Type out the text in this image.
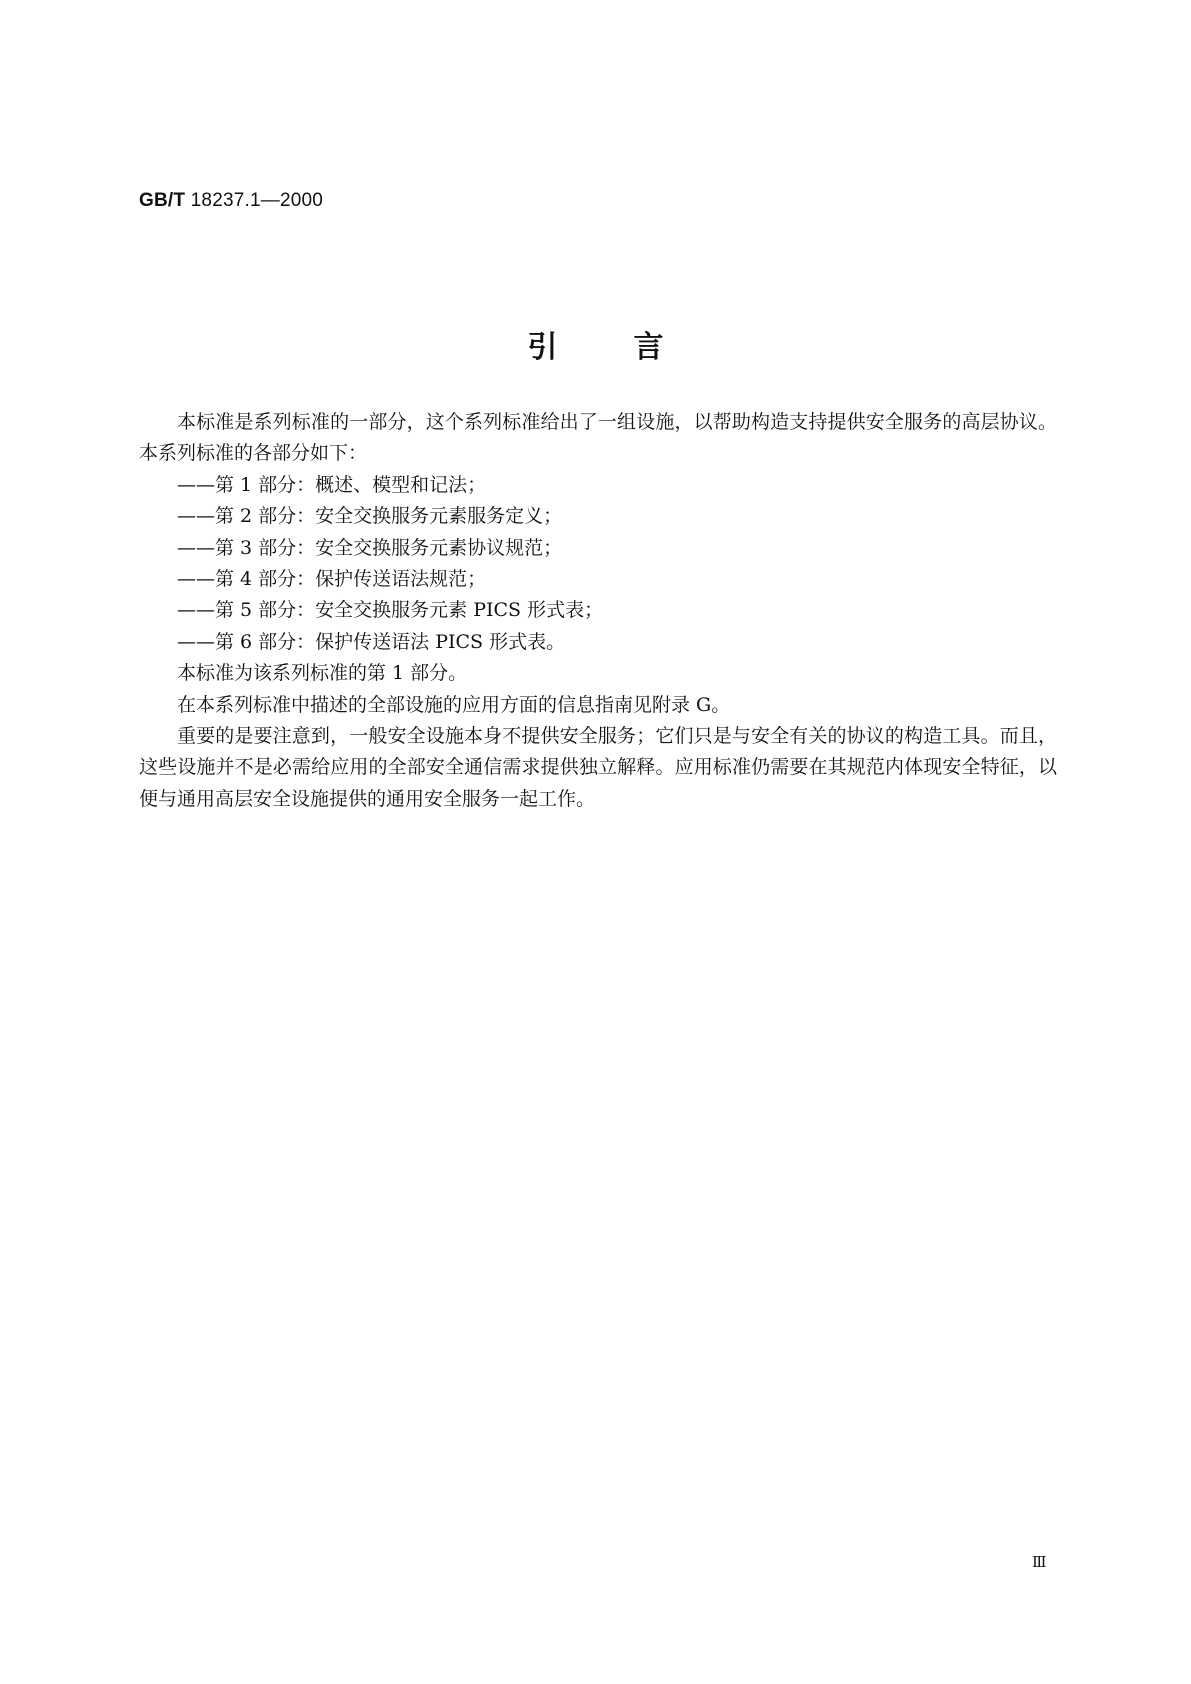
GB/T 18237.1—2000
引言

本标准是系列标准的一部分，这个系列标准给出了一组设施，以帮助构造支持提供安全服务的高层协议。本系列标准的各部分如下：

——第 1 部分：概述、模型和记法；

——第 2 部分：安全交换服务元素服务定义；

——第 3 部分：安全交换服务元素协议规范；

——第 4 部分：保护传送语法规范；

——第 5 部分：安全交换服务元素 PICS 形式表；

——第 6 部分：保护传送语法 PICS 形式表。

本标准为该系列标准的第 1 部分。

在本系列标准中描述的全部设施的应用方面的信息指南见附录 G。

重要的是要注意到，一般安全设施本身不提供安全服务；它们只是与安全有关的协议的构造工具。而且，这些设施并不是必需给应用的全部安全通信需求提供独立解释。应用标准仍需要在其规范内体现安全特征，以便与通用高层安全设施提供的通用安全服务一起工作。

Ⅲ
